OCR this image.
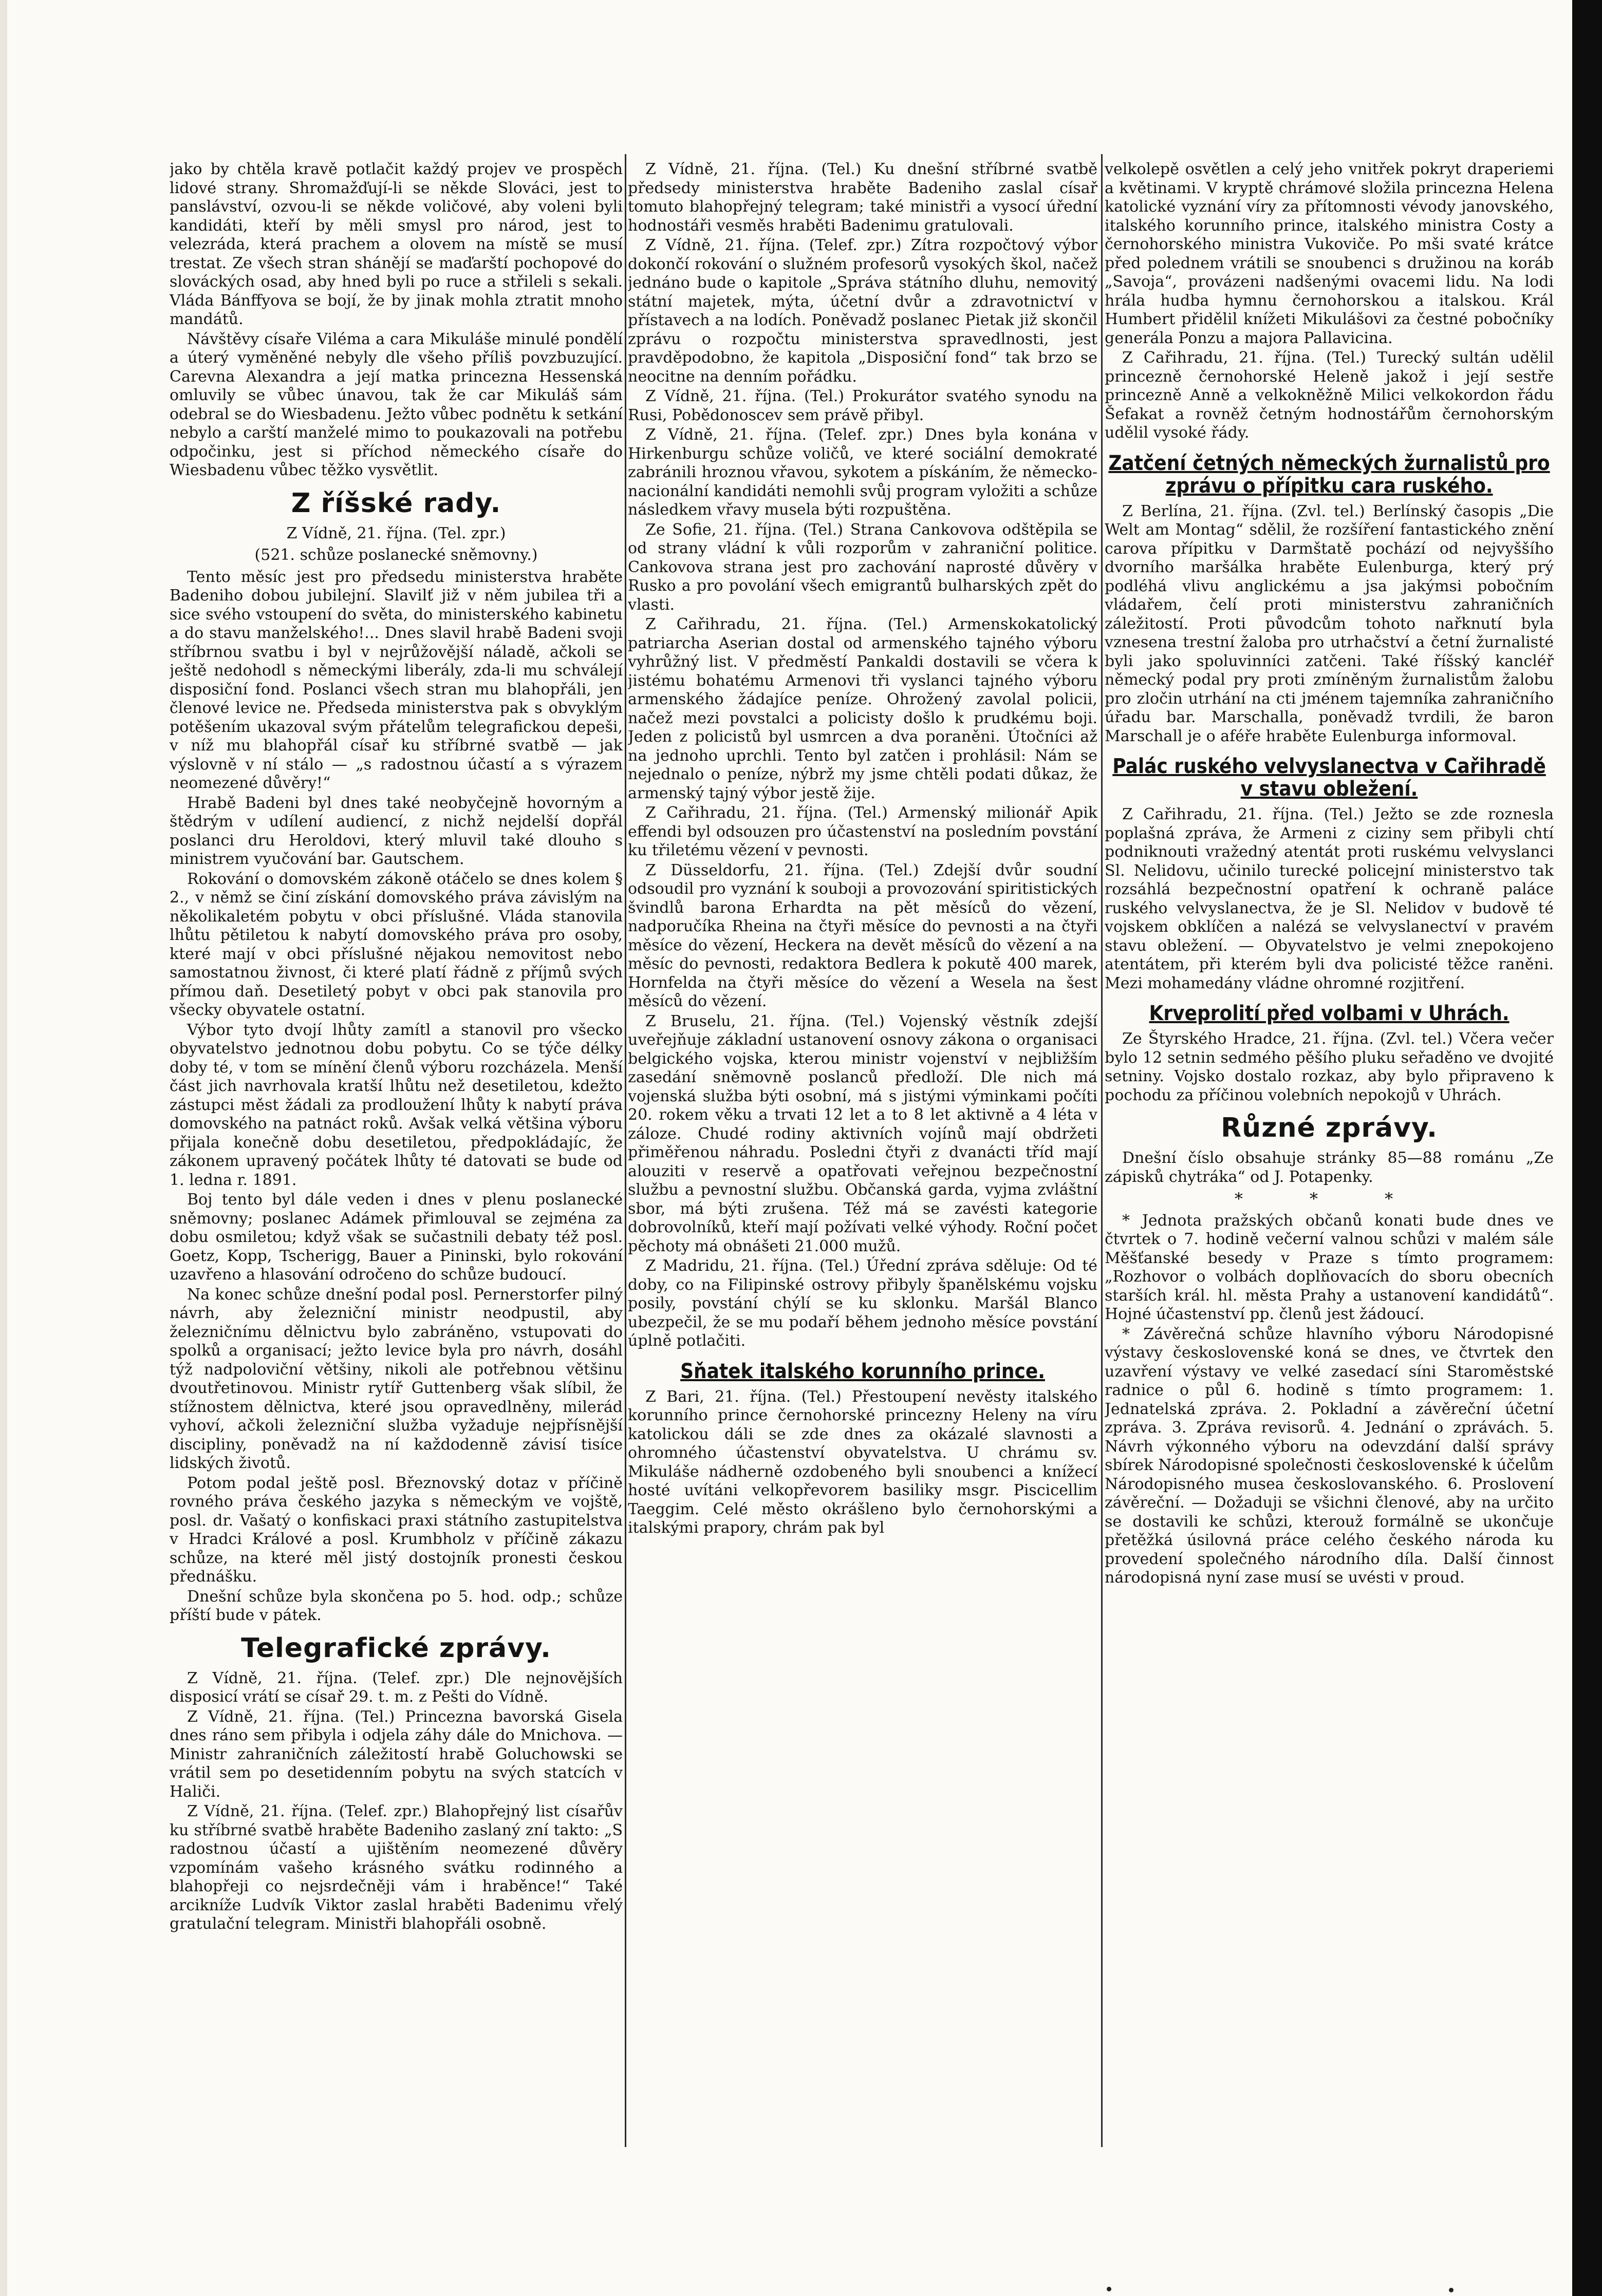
jako by chtěla kravě potlačit každý projev ve prospěch lidové strany. Shromažďují-li se někde Slováci, jest to panslávství, ozvou-li se někde voličové, aby voleni byli kandidáti, kteří by měli smysl pro národ, jest to velezráda, která prachem a olovem na místě se musí trestat. Ze všech stran shánějí se maďarští pochopové do slováckých osad, aby hned byli po ruce a střileli s sekali. Vláda Bánffyova se bojí, že by jinak mohla ztratit mnoho mandátů.

Návštěvy císaře Viléma a cara Mikuláše minulé pondělí a úterý vyměněné nebyly dle všeho příliš povzbuzující. Carevna Alexandra a její matka princezna Hessenská omluvily se vůbec únavou, tak že car Mikuláš sám odebral se do Wiesbadenu. Ježto vůbec podnětu k setkání nebylo a carští manželé mimo to poukazovali na potřebu odpočinku, jest si příchod německého císaře do Wiesbadenu vůbec těžko vysvětlit.

Z říšské rady.
Z Vídně, 21. října. (Tel. zpr.)
(521. schůze poslanecké sněmovny.)

Tento měsíc jest pro předsedu ministerstva hraběte Badeniho dobou jubilejní. Slavilť již v něm jubilea tři a sice svého vstoupení do světa, do ministerského kabinetu a do stavu manželského!... Dnes slavil hrabě Badeni svoji stříbrnou svatbu i byl v nejrůžovější náladě, ačkoli se ještě nedohodl s německými liberály, zda-li mu schválejí disposiční fond. Poslanci všech stran mu blahopřáli, jen členové levice ne. Předseda ministerstva pak s obvyklým potěšením ukazoval svým přátelům telegrafickou depeši, v níž mu blahopřál císař ku stříbrné svatbě — jak výslovně v ní stálo — „s radostnou účastí a s výrazem neomezené důvěry!“

Hrabě Badeni byl dnes také neobyčejně hovorným a štědrým v udílení audiencí, z nichž nejdelší dopřál poslanci dru Heroldovi, který mluvil také dlouho s ministrem vyučování bar. Gautschem.

Rokování o domovském zákoně otáčelo se dnes kolem § 2., v němž se činí získání domovského práva závislým na několikaletém pobytu v obci příslušné. Vláda stanovila lhůtu pětiletou k nabytí domovského práva pro osoby, které mají v obci příslušné nějakou nemovitost nebo samostatnou živnost, či které platí řádně z příjmů svých přímou daň. Desetiletý pobyt v obci pak stanovila pro všecky obyvatele ostatní.

Výbor tyto dvojí lhůty zamítl a stanovil pro všecko obyvatelstvo jednotnou dobu pobytu. Co se týče délky doby té, v tom se mínění členů výboru rozcházela. Menší část jich navrhovala kratší lhůtu než desetiletou, kdežto zástupci měst žádali za prodloužení lhůty k nabytí práva domovského na patnáct roků. Avšak velká většina výboru přijala konečně dobu desetiletou, předpokládajíc, že zákonem upravený počátek lhůty té datovati se bude od 1. ledna r. 1891.

Boj tento byl dále veden i dnes v plenu poslanecké sněmovny; poslanec Adámek přimlouval se zejména za dobu osmiletou; když však se sučastnili debaty též posl. Goetz, Kopp, Tscherigg, Bauer a Pininski, bylo rokování uzavřeno a hlasování odročeno do schůze budoucí.

Na konec schůze dnešní podal posl. Pernerstorfer pilný návrh, aby železniční ministr neodpustil, aby železničnímu dělnictvu bylo zabráněno, vstupovati do spolků a organisací; ježto levice byla pro návrh, dosáhl týž nadpoloviční většiny, nikoli ale potřebnou většinu dvoutřetinovou. Ministr rytíř Guttenberg však slíbil, že stížnostem dělnictva, které jsou opravedlněny, milerád vyhoví, ačkoli železniční služba vyžaduje nejpřísnější discipliny, poněvadž na ní každodenně závisí tisíce lidských životů.

Potom podal ještě posl. Březnovský dotaz v příčině rovného práva českého jazyka s německým ve vojště, posl. dr. Vašatý o konfiskaci praxi státního zastupitelstva v Hradci Králové a posl. Krumbholz v příčině zákazu schůze, na které měl jistý dostojník pronesti českou přednášku.

Dnešní schůze byla skončena po 5. hod. odp.; schůze příští bude v pátek.

Telegrafické zprávy.

Z Vídně, 21. října. (Telef. zpr.) Dle nejnovějších disposicí vrátí se císař 29. t. m. z Pešti do Vídně.

Z Vídně, 21. října. (Tel.) Princezna bavorská Gisela dnes ráno sem přibyla i odjela záhy dále do Mnichova. — Ministr zahraničních záležitostí hrabě Goluchowski se vrátil sem po desetidenním pobytu na svých statcích v Haliči.

Z Vídně, 21. října. (Telef. zpr.) Blahopřejný list císařův ku stříbrné svatbě hraběte Badeniho zaslaný zní takto: „S radostnou účastí a ujištěním neomezené důvěry vzpomínám vašeho krásného svátku rodinného a blahopřeji co nejsrdečněji vám i hraběnce!“ Také arcikníže Ludvík Viktor zaslal hraběti Badenimu vřelý gratulační telegram. Ministři blahopřáli osobně.

Z Vídně, 21. října. (Tel.) Ku dnešní stříbrné svatbě předsedy ministerstva hraběte Badeniho zaslal císař tomuto blahopřejný telegram; také ministři a vysocí úřední hodnostáři vesměs hraběti Badenimu gratulovali.

Z Vídně, 21. října. (Telef. zpr.) Zítra rozpočtový výbor dokončí rokování o služném profesorů vysokých škol, načež jednáno bude o kapitole „Správa státního dluhu, nemovitý státní majetek, mýta, účetní dvůr a zdravotnictví v přístavech a na lodích. Poněvadž poslanec Pietak již skončil zprávu o rozpočtu ministerstva spravedlnosti, jest pravděpodobno, že kapitola „Disposiční fond“ tak brzo se neocitne na denním pořádku.

Z Vídně, 21. října. (Tel.) Prokurátor svatého synodu na Rusi, Pobědonoscev sem právě přibyl.

Z Vídně, 21. října. (Telef. zpr.) Dnes byla konána v Hirkenburgu schůze voličů, ve které sociální demokraté zabránili hroznou vřavou, sykotem a pískáním, že německo-nacionální kandidáti nemohli svůj program vyložiti a schůze následkem vřavy musela býti rozpuštěna.

Ze Sofie, 21. října. (Tel.) Strana Cankovova odštěpila se od strany vládní k vůli rozporům v zahraniční politice. Cankovova strana jest pro zachování naprosté důvěry v Rusko a pro povolání všech emigrantů bulharských zpět do vlasti.

Z Cařihradu, 21. října. (Tel.) Armenskokatolický patriarcha Aserian dostal od armenského tajného výboru vyhrůžný list. V předměstí Pankaldi dostavili se včera k jistému bohatému Armenovi tři vyslanci tajného výboru armenského žádajíce peníze. Ohrožený zavolal policii, načež mezi povstalci a policisty došlo k prudkému boji. Jeden z policistů byl usmrcen a dva poraněni. Útočníci až na jednoho uprchli. Tento byl zatčen i prohlásil: Nám se nejednalo o peníze, nýbrž my jsme chtěli podati důkaz, že armenský tajný výbor jestě žije.

Z Cařihradu, 21. října. (Tel.) Armenský milionář Apik effendi byl odsouzen pro účastenství na posledním povstání ku třiletému vězení v pevnosti.

Z Düsseldorfu, 21. října. (Tel.) Zdejší dvůr soudní odsoudil pro vyznání k souboji a provozování spiritistických švindlů barona Erhardta na pět měsíců do vězení, nadporučíka Rheina na čtyři měsíce do pevnosti a na čtyři měsíce do vězení, Heckera na devět měsíců do vězení a na měsíc do pevnosti, redaktora Bedlera k pokutě 400 marek, Hornfelda na čtyři měsíce do vězení a Wesela na šest měsíců do vězení.

Z Bruselu, 21. října. (Tel.) Vojenský věstník zdejší uveřejňuje základní ustanovení osnovy zákona o organisaci belgického vojska, kterou ministr vojenství v nejbližším zasedání sněmovně poslanců předloží. Dle nich má vojenská služba býti osobní, má s jistými výminkami počíti 20. rokem věku a trvati 12 let a to 8 let aktivně a 4 léta v záloze. Chudé rodiny aktivních vojínů mají obdržeti přiměřenou náhradu. Posledni čtyři z dvanácti tříd mají alouziti v reservě a opatřovati veřejnou bezpečnostní službu a pevnostní službu. Občanská garda, vyjma zvláštní sbor, má býti zrušena. Též má se zavésti kategorie dobrovolníků, kteří mají požívati velké výhody. Roční počet pěchoty má obnášeti 21.000 mužů.

Z Madridu, 21. října. (Tel.) Úřední zpráva sděluje: Od té doby, co na Filipinské ostrovy přibyly španělskému vojsku posily, povstání chýlí se ku sklonku. Maršál Blanco ubezpečil, že se mu podaří během jednoho měsíce povstání úplně potlačiti.

Sňatek italského korunního prince.

Z Bari, 21. října. (Tel.) Přestoupení nevěsty italského korunního prince černohorské princezny Heleny na víru katolickou dáli se zde dnes za okázalé slavnosti a ohromného účastenství obyvatelstva. U chrámu sv. Mikuláše nádherně ozdobeného byli snoubenci a knížecí hosté uvítáni velkopřevorem basiliky msgr. Piscicellim Taeggim. Celé město okrášleno bylo černohorskými a italskými prapory, chrám pak byl

velkolepě osvětlen a celý jeho vnitřek pokryt draperiemi a květinami. V kryptě chrámové složila princezna Helena katolické vyznání víry za přítomnosti vévody janovského, italského korunního prince, italského ministra Costy a černohorského ministra Vukoviče. Po mši svaté krátce před polednem vrátili se snoubenci s družinou na koráb „Savoja“, provázeni nadšenými ovacemi lidu. Na lodi hrála hudba hymnu černohorskou a italskou. Král Humbert přidělil knížeti Mikulášovi za čestné pobočníky generála Ponzu a majora Pallavicina.

Z Cařihradu, 21. října. (Tel.) Turecký sultán udělil princezně černohorské Heleně jakož i její sestře princezně Anně a velkokněžně Milici velkokordon řádu Šefakat a rovněž četným hodnostářům černohorským udělil vysoké řády.

Zatčení četných německých žurnalistů pro zprávu o přípitku cara ruského.

Z Berlína, 21. října. (Zvl. tel.) Berlínský časopis „Die Welt am Montag“ sdělil, že rozšíření fantastického znění carova přípitku v Darmštatě pochází od nejvyššího dvorního maršálka hraběte Eulenburga, který prý podléhá vlivu anglickému a jsa jakýmsi pobočním vládařem, čelí proti ministerstvu zahraničních záležitostí. Proti původcům tohoto nařknutí byla vznesena trestní žaloba pro utrhačství a četní žurnalisté byli jako spoluvinníci zatčeni. Také říšský kancléř německý podal pry proti zmíněným žurnalistům žalobu pro zločin utrhání na cti jménem tajemníka zahraničního úřadu bar. Marschalla, poněvadž tvrdili, že baron Marschall je o aféře hraběte Eulenburga informoval.

Palác ruského velvyslanectva v Cařihradě v stavu obležení.

Z Cařihradu, 21. října. (Tel.) Ježto se zde roznesla poplašná zpráva, že Armeni z ciziny sem přibyli chtí podniknouti vražedný atentát proti ruskému velvyslanci Sl. Nelidovu, učinilo turecké policejní ministerstvo tak rozsáhlá bezpečnostní opatření k ochraně paláce ruského velvyslanectva, že je Sl. Nelidov v budově té vojskem obklíčen a nalézá se velvyslanectví v pravém stavu obležení. — Obyvatelstvo je velmi znepokojeno atentátem, při kterém byli dva policisté těžce raněni. Mezi mohamedány vládne ohromné rozjitření.

Krveprolití před volbami v Uhrách.

Ze Štyrského Hradce, 21. října. (Zvl. tel.) Včera večer bylo 12 setnin sedmého pěšího pluku seřaděno ve dvojité setniny. Vojsko dostalo rozkaz, aby bylo připraveno k pochodu za příčinou volebních nepokojů v Uhrách.

Různé zprávy.

Dnešní číslo obsahuje stránky 85—88 románu „Ze zápisků chytráka“ od J. Potapenky.

* * *

* Jednota pražských občanů konati bude dnes ve čtvrtek o 7. hodině večerní valnou schůzi v malém sále Měšťanské besedy v Praze s tímto programem: „Rozhovor o volbách doplňovacích do sboru obecních starších král. hl. města Prahy a ustanovení kandidátů“. Hojné účastenství pp. členů jest žádoucí.

* Závěrečná schůze hlavního výboru Národopisné výstavy československé koná se dnes, ve čtvrtek den uzavření výstavy ve velké zasedací síni Staroměstské radnice o půl 6. hodině s tímto programem: 1. Jednatelská zpráva. 2. Pokladní a závěreční účetní zpráva. 3. Zpráva revisorů. 4. Jednání o zprávách. 5. Návrh výkonného výboru na odevzdání další správy sbírek Národopisné společnosti československé k účelům Národopisného musea českoslovanského. 6. Proslovení závěreční. — Dožaduji se všichni členové, aby na určito se dostavili ke schůzi, kterouž formálně se ukončuje přetěžká úsilovná práce celého českého národa ku provedení společného národního díla. Další činnost národopisná nyní zase musí se uvésti v proud.
